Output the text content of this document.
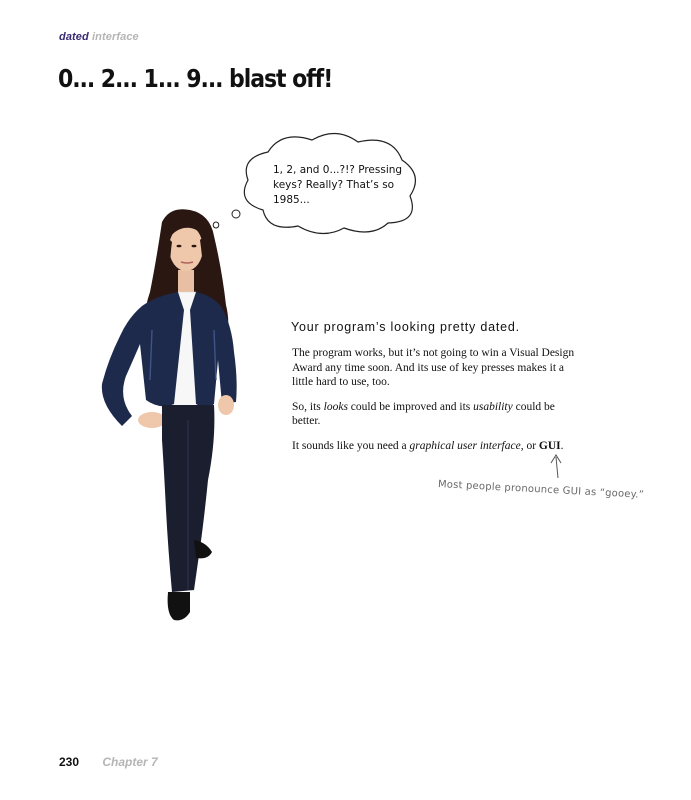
dated interface
0... 2... 1... 9... blast off!
1, 2, and 0...?!? Pressing keys? Really? That’s so 1985...
Your program’s looking pretty dated.

The program works, but it’s not going to win a Visual Design Award any time soon. And its use of key presses makes it a little hard to use, too.

So, its looks could be improved and its usability could be better.

It sounds like you need a graphical user interface, or GUI.

Most people pronounce GUI as “gooey.”
230 Chapter 7
